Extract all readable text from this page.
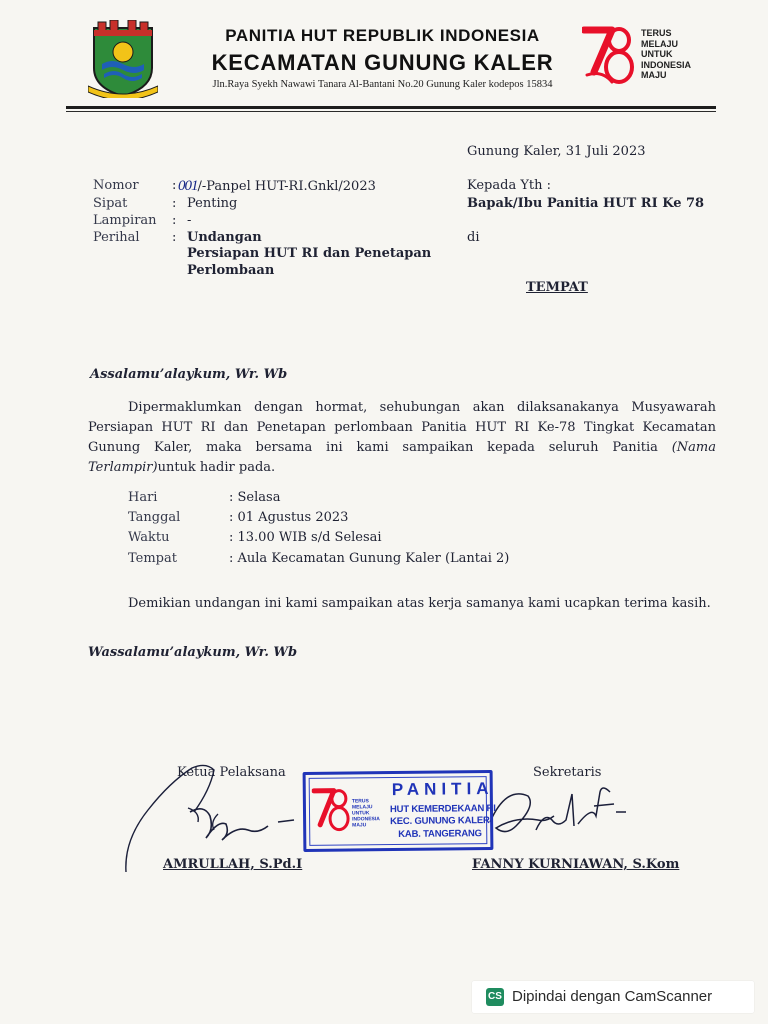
PANITIA HUT REPUBLIK INDONESIA
KECAMATAN GUNUNG KALER
Jln.Raya Syekh Nawawi Tanara Al-Bantani No.20 Gunung Kaler kodepos 15834
TERUS
MELAJU
UNTUK
INDONESIA
MAJU
Gunung Kaler, 31 Juli 2023
Nomor	: 001/-Panpel HUT-RI.Gnkl/2023
Sipat	: Penting
Lampiran	: -
Perihal	: Undangan
Persiapan HUT RI dan Penetapan
Perlombaan
Kepada Yth :
Bapak/Ibu Panitia HUT RI Ke 78
di
TEMPAT
Assalamu’alaykum, Wr. Wb
Dipermaklumkan dengan hormat, sehubungan akan dilaksanakanya Musyawarah Persiapan HUT RI dan Penetapan perlombaan Panitia HUT RI Ke-78 Tingkat Kecamatan Gunung Kaler, maka bersama ini kami sampaikan kepada seluruh Panitia (Nama Terlampir)untuk hadir pada.
Hari	: Selasa
Tanggal	: 01 Agustus 2023
Waktu	: 13.00 WIB s/d Selesai
Tempat	: Aula Kecamatan Gunung Kaler (Lantai 2)
Demikian undangan ini kami sampaikan atas kerja samanya kami ucapkan terima kasih.
Wassalamu’alaykum, Wr. Wb
Ketua Pelaksana	Sekretaris
TERUS
MELAJU
UNTUK
INDONESIA
MAJU
PANITIA
HUT KEMERDEKAAN RI
KEC. GUNUNG KALER
KAB. TANGERANG
AMRULLAH, S.Pd.I	FANNY KURNIAWAN, S.Kom
CS Dipindai dengan CamScanner
